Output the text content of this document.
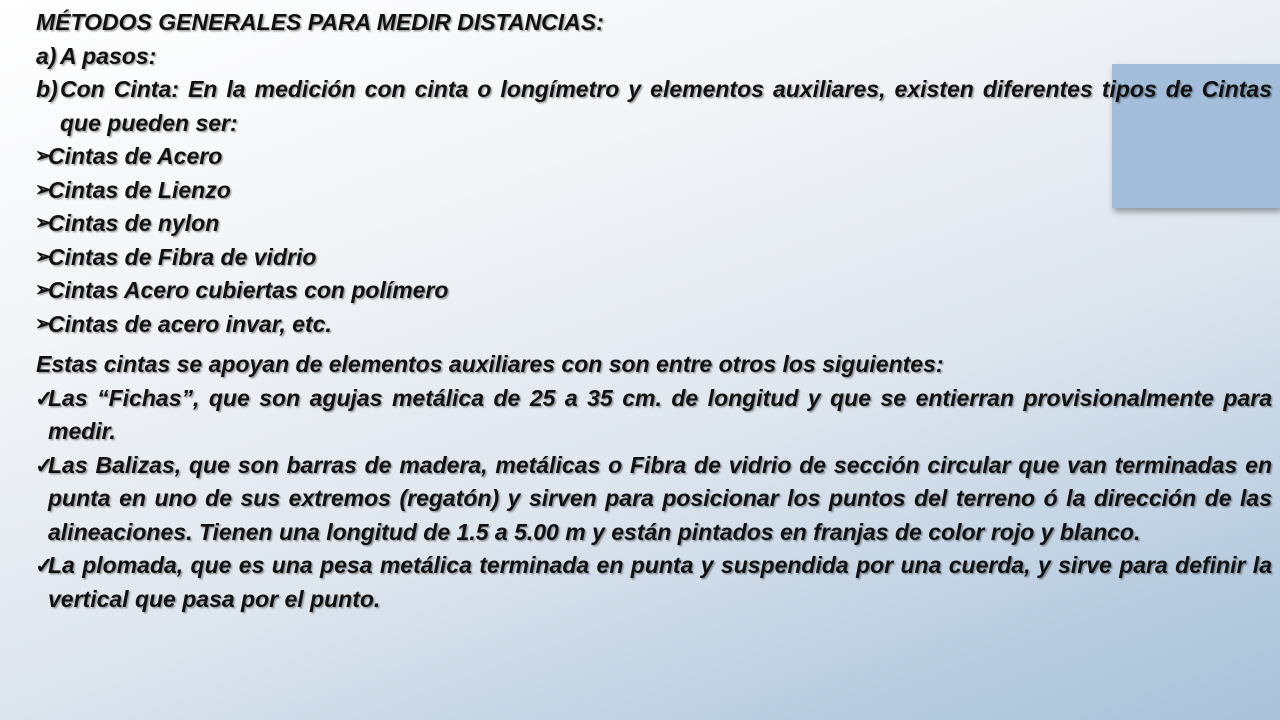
MÉTODOS GENERALES PARA MEDIR DISTANCIAS:
a) A pasos:
b) Con Cinta: En la medición con cinta o longímetro y elementos auxiliares, existen diferentes tipos de Cintas que pueden ser:
➢
Cintas de Acero
➢
Cintas de Lienzo
➢
Cintas de nylon
➢
Cintas de Fibra de vidrio
➢
Cintas Acero cubiertas con polímero
➢
Cintas de acero invar, etc.
Estas cintas se apoyan de elementos auxiliares con son entre otros los siguientes:
✓
Las “Fichas”, que son agujas metálica de 25 a 35 cm. de longitud y que se entierran provisionalmente para medir.
✓
Las Balizas, que son barras de madera, metálicas o Fibra de vidrio de sección circular que van terminadas en punta en uno de sus extremos (regatón) y sirven para posicionar los puntos del terreno ó la dirección de las alineaciones. Tienen una longitud de 1.5 a 5.00 m y están pintados en franjas de color rojo y blanco.
✓
La plomada, que es una pesa metálica terminada en punta y suspendida por una cuerda, y sirve para definir la vertical que pasa por el punto.
